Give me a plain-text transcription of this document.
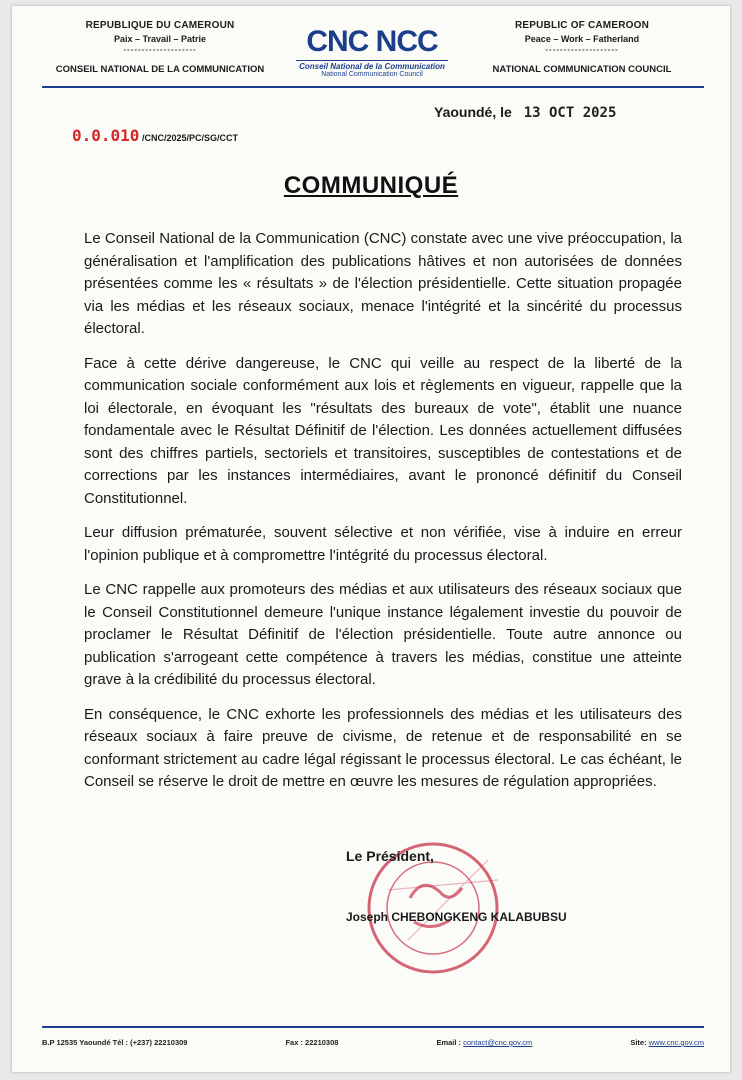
REPUBLIQUE DU CAMEROUN
Paix – Travail – Patrie
--------------------
CONSEIL NATIONAL DE LA COMMUNICATION
CNC NCC
Conseil National de la Communication
National Communication Council
REPUBLIC OF CAMEROON
Peace – Work – Fatherland
--------------------
NATIONAL COMMUNICATION COUNCIL
Yaoundé, le 13 OCT 2025
0.0.010 /CNC/2025/PC/SG/CCT
COMMUNIQUÉ

Le Conseil National de la Communication (CNC) constate avec une vive préoccupation, la généralisation et l'amplification des publications hâtives et non autorisées de données présentées comme les « résultats » de l'élection présidentielle. Cette situation propagée via les médias et les réseaux sociaux, menace l'intégrité et la sincérité du processus électoral.

Face à cette dérive dangereuse, le CNC qui veille au respect de la liberté de la communication sociale conformément aux lois et règlements en vigueur, rappelle que la loi électorale, en évoquant les "résultats des bureaux de vote", établit une nuance fondamentale avec le Résultat Définitif de l'élection. Les données actuellement diffusées sont des chiffres partiels, sectoriels et transitoires, susceptibles de contestations et de corrections par les instances intermédiaires, avant le prononcé définitif du Conseil Constitutionnel.

Leur diffusion prématurée, souvent sélective et non vérifiée, vise à induire en erreur l'opinion publique et à compromettre l'intégrité du processus électoral.

Le CNC rappelle aux promoteurs des médias et aux utilisateurs des réseaux sociaux que le Conseil Constitutionnel demeure l'unique instance légalement investie du pouvoir de proclamer le Résultat Définitif de l'élection présidentielle. Toute autre annonce ou publication s'arrogeant cette compétence à travers les médias, constitue une atteinte grave à la crédibilité du processus électoral.

En conséquence, le CNC exhorte les professionnels des médias et les utilisateurs des réseaux sociaux à faire preuve de civisme, de retenue et de responsabilité en se conformant strictement au cadre légal régissant le processus électoral. Le cas échéant, le Conseil se réserve le droit de mettre en œuvre les mesures de régulation appropriées.

Le Président,
Joseph CHEBONGKENG KALABUBSU
B.P 12535 Yaoundé Tél : (+237) 22210309	Fax : 22210308	Email : contact@cnc.gov.cm	Site: www.cnc.gov.cm
